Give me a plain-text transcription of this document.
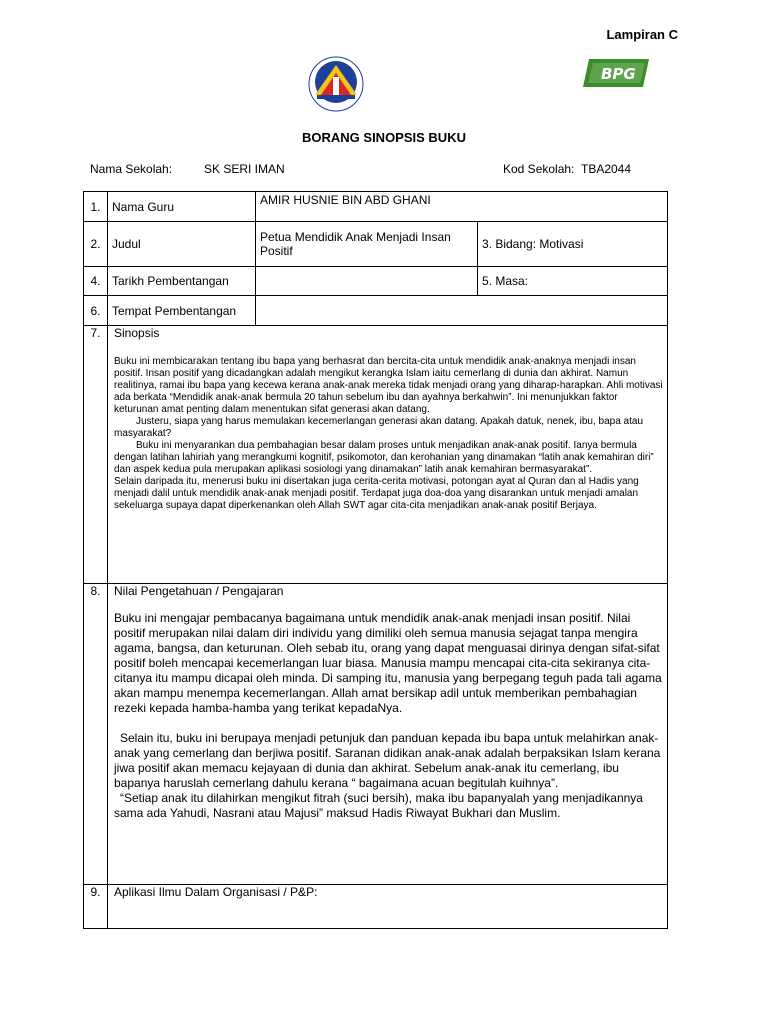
Lampiran C
BPG
BORANG SINOPSIS BUKU
Nama Sekolah:	SK SERI IMAN	Kod Sekolah: TBA2044
1.	Nama Guru	AMIR HUSNIE BIN ABD GHANI	
2.	Judul	Petua Mendidik Anak Menjadi Insan Positif	3. Bidang: Motivasi
4.	Tarikh Pembentangan		5. Masa:
6.	Tempat Pembentangan		
7.	Sinopsis

Buku ini membicarakan tentang ibu bapa yang berhasrat dan bercita-cita untuk mendidik anak-anaknya menjadi insan positif. Insan positif yang dicadangkan adalah mengikut kerangka Islam iaitu cemerlang di dunia dan akhirat. Namun realitinya, ramai ibu bapa yang kecewa kerana anak-anak mereka tidak menjadi orang yang diharap-harapkan. Ahli motivasi ada berkata “Mendidik anak-anak bermula 20 tahun sebelum ibu dan ayahnya berkahwin”. Ini menunjukkan faktor keturunan amat penting dalam menentukan sifat generasi akan datang.

Justeru, siapa yang harus memulakan kecemerlangan generasi akan datang. Apakah datuk, nenek, ibu, bapa atau masyarakat?

Buku ini menyarankan dua pembahagian besar dalam proses untuk menjadikan anak-anak positif. Ianya bermula dengan latihan lahiriah yang merangkumi kognitif, psikomotor, dan kerohanian yang dinamakan “latih anak kemahiran diri” dan aspek kedua pula merupakan aplikasi sosiologi yang dinamakan” latih anak kemahiran bermasyarakat”.

Selain daripada itu, menerusi buku ini disertakan juga cerita-cerita motivasi, potongan ayat al Quran dan al Hadis yang menjadi dalil untuk mendidik anak-anak menjadi positif. Terdapat juga doa-doa yang disarankan untuk menjadi amalan sekeluarga supaya dapat diperkenankan oleh Allah SWT agar cita-cita menjadikan anak-anak positif Berjaya.		

8.	Nilai Pengetahuan / Pengajaran

Buku ini mengajar pembacanya bagaimana untuk mendidik anak-anak menjadi insan positif. Nilai positif merupakan nilai dalam diri individu yang dimiliki oleh semua manusia sejagat tanpa mengira agama, bangsa, dan keturunan. Oleh sebab itu, orang yang dapat menguasai dirinya dengan sifat-sifat positif boleh mencapai kecemerlangan luar biasa. Manusia mampu mencapai cita-cita sekiranya cita-citanya itu mampu dicapai oleh minda. Di samping itu, manusia yang berpegang teguh pada tali agama akan mampu menempa kecemerlangan. Allah amat bersikap adil untuk memberikan pembahagian rezeki kepada hamba-hamba yang terikat kepadaNya.

Selain itu, buku ini berupaya menjadi petunjuk dan panduan kepada ibu bapa untuk melahirkan anak-anak yang cemerlang dan berjiwa positif. Saranan didikan anak-anak adalah berpaksikan Islam kerana jiwa positif akan memacu kejayaan di dunia dan akhirat. Sebelum anak-anak itu cemerlang, ibu bapanya haruslah cemerlang dahulu kerana “ bagaimana acuan begitulah kuihnya”.

“Setiap anak itu dilahirkan mengikut fitrah (suci bersih), maka ibu bapanyalah yang menjadikannya sama ada Yahudi, Nasrani atau Majusi” maksud Hadis Riwayat Bukhari dan Muslim.		

9.	Aplikasi Ilmu Dalam Organisasi / P&P:		
